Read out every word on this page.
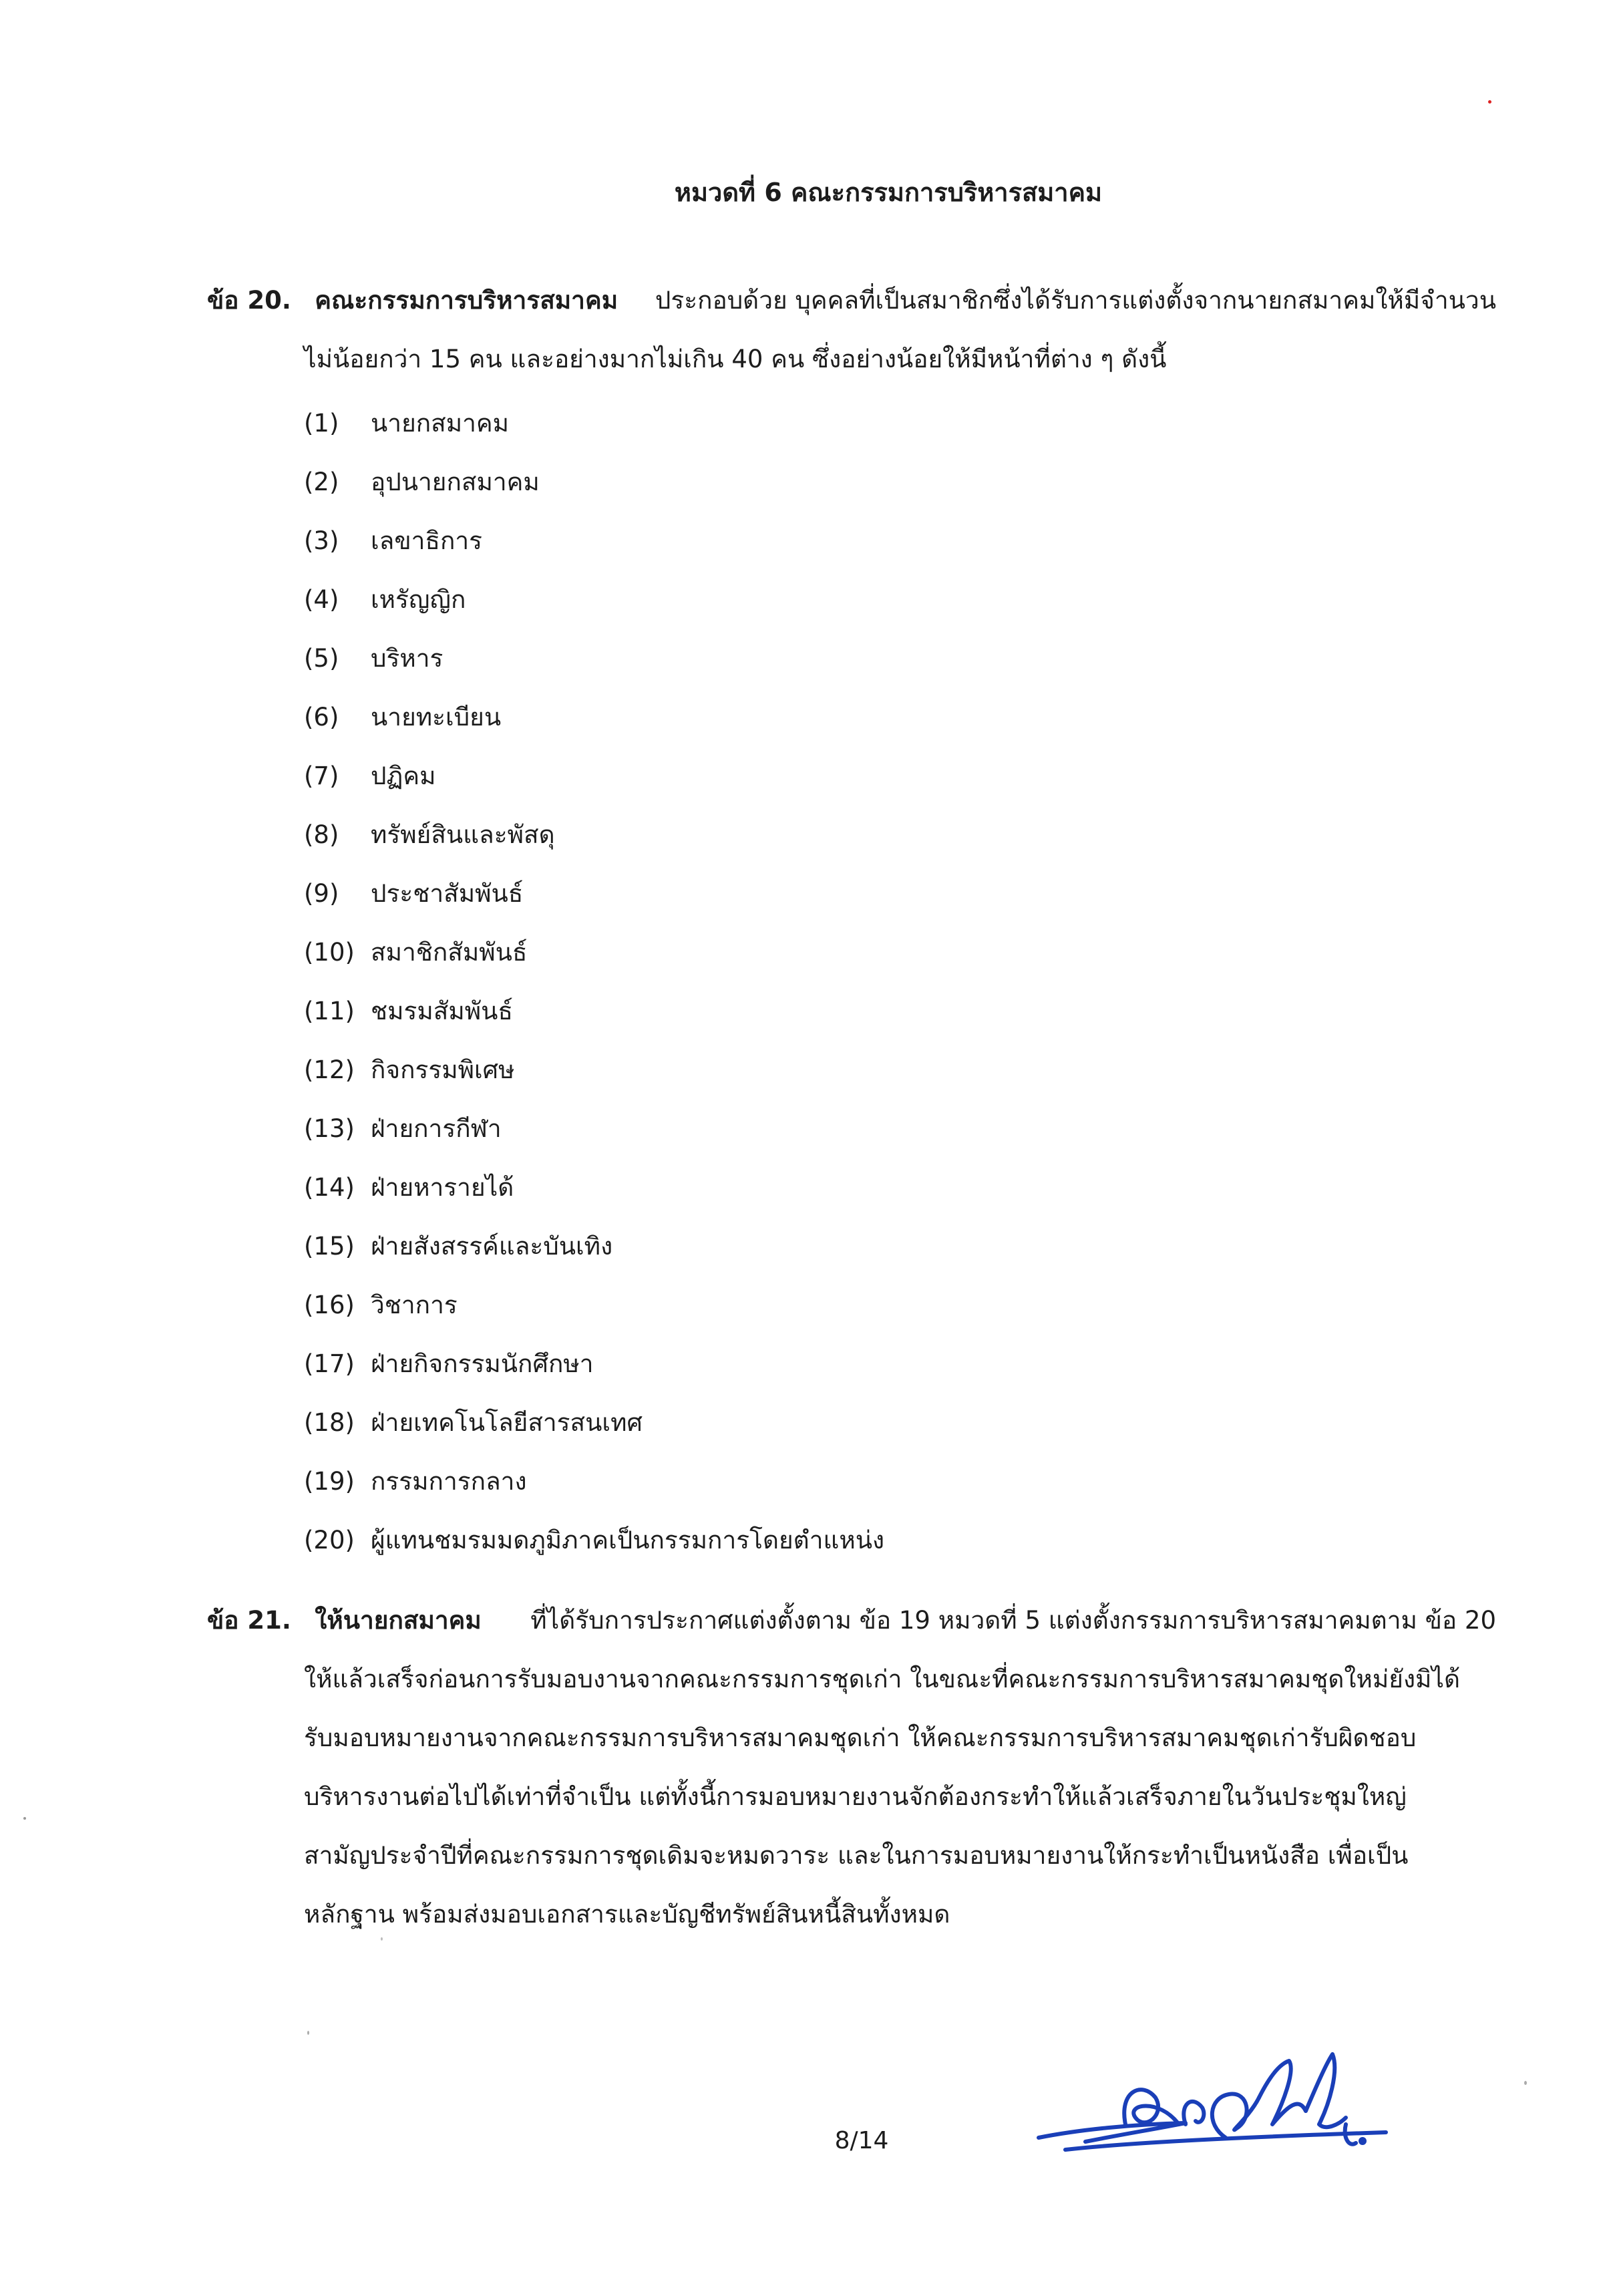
หมวดที่ 6 คณะกรรมการบริหารสมาคม
ข้อ 20. คณะกรรมการบริหารสมาคม ประกอบด้วย บุคคลที่เป็นสมาชิกซึ่งได้รับการแต่งตั้งจากนายกสมาคมให้มีจำนวน
ไม่น้อยกว่า 15 คน และอย่างมากไม่เกิน 40 คน ซึ่งอย่างน้อยให้มีหน้าที่ต่าง ๆ ดังนี้
(1) นายกสมาคม
(2) อุปนายกสมาคม
(3) เลขาธิการ
(4) เหรัญญิก
(5) บริหาร
(6) นายทะเบียน
(7) ปฏิคม
(8) ทรัพย์สินและพัสดุ
(9) ประชาสัมพันธ์
(10) สมาชิกสัมพันธ์
(11) ชมรมสัมพันธ์
(12) กิจกรรมพิเศษ
(13) ฝ่ายการกีฬา
(14) ฝ่ายหารายได้
(15) ฝ่ายสังสรรค์และบันเทิง
(16) วิชาการ
(17) ฝ่ายกิจกรรมนักศึกษา
(18) ฝ่ายเทคโนโลยีสารสนเทศ
(19) กรรมการกลาง
(20) ผู้แทนชมรมมดภูมิภาคเป็นกรรมการโดยตำแหน่ง
ข้อ 21. ให้นายกสมาคม ที่ได้รับการประกาศแต่งตั้งตาม ข้อ 19 หมวดที่ 5 แต่งตั้งกรรมการบริหารสมาคมตาม ข้อ 20
ให้แล้วเสร็จก่อนการรับมอบงานจากคณะกรรมการชุดเก่า ในขณะที่คณะกรรมการบริหารสมาคมชุดใหม่ยังมิได้
รับมอบหมายงานจากคณะกรรมการบริหารสมาคมชุดเก่า ให้คณะกรรมการบริหารสมาคมชุดเก่ารับผิดชอบ
บริหารงานต่อไปได้เท่าที่จำเป็น แต่ทั้งนี้การมอบหมายงานจักต้องกระทำให้แล้วเสร็จภายในวันประชุมใหญ่
สามัญประจำปีที่คณะกรรมการชุดเดิมจะหมดวาระ และในการมอบหมายงานให้กระทำเป็นหนังสือ เพื่อเป็น
หลักฐาน พร้อมส่งมอบเอกสารและบัญชีทรัพย์สินหนี้สินทั้งหมด
8/14
